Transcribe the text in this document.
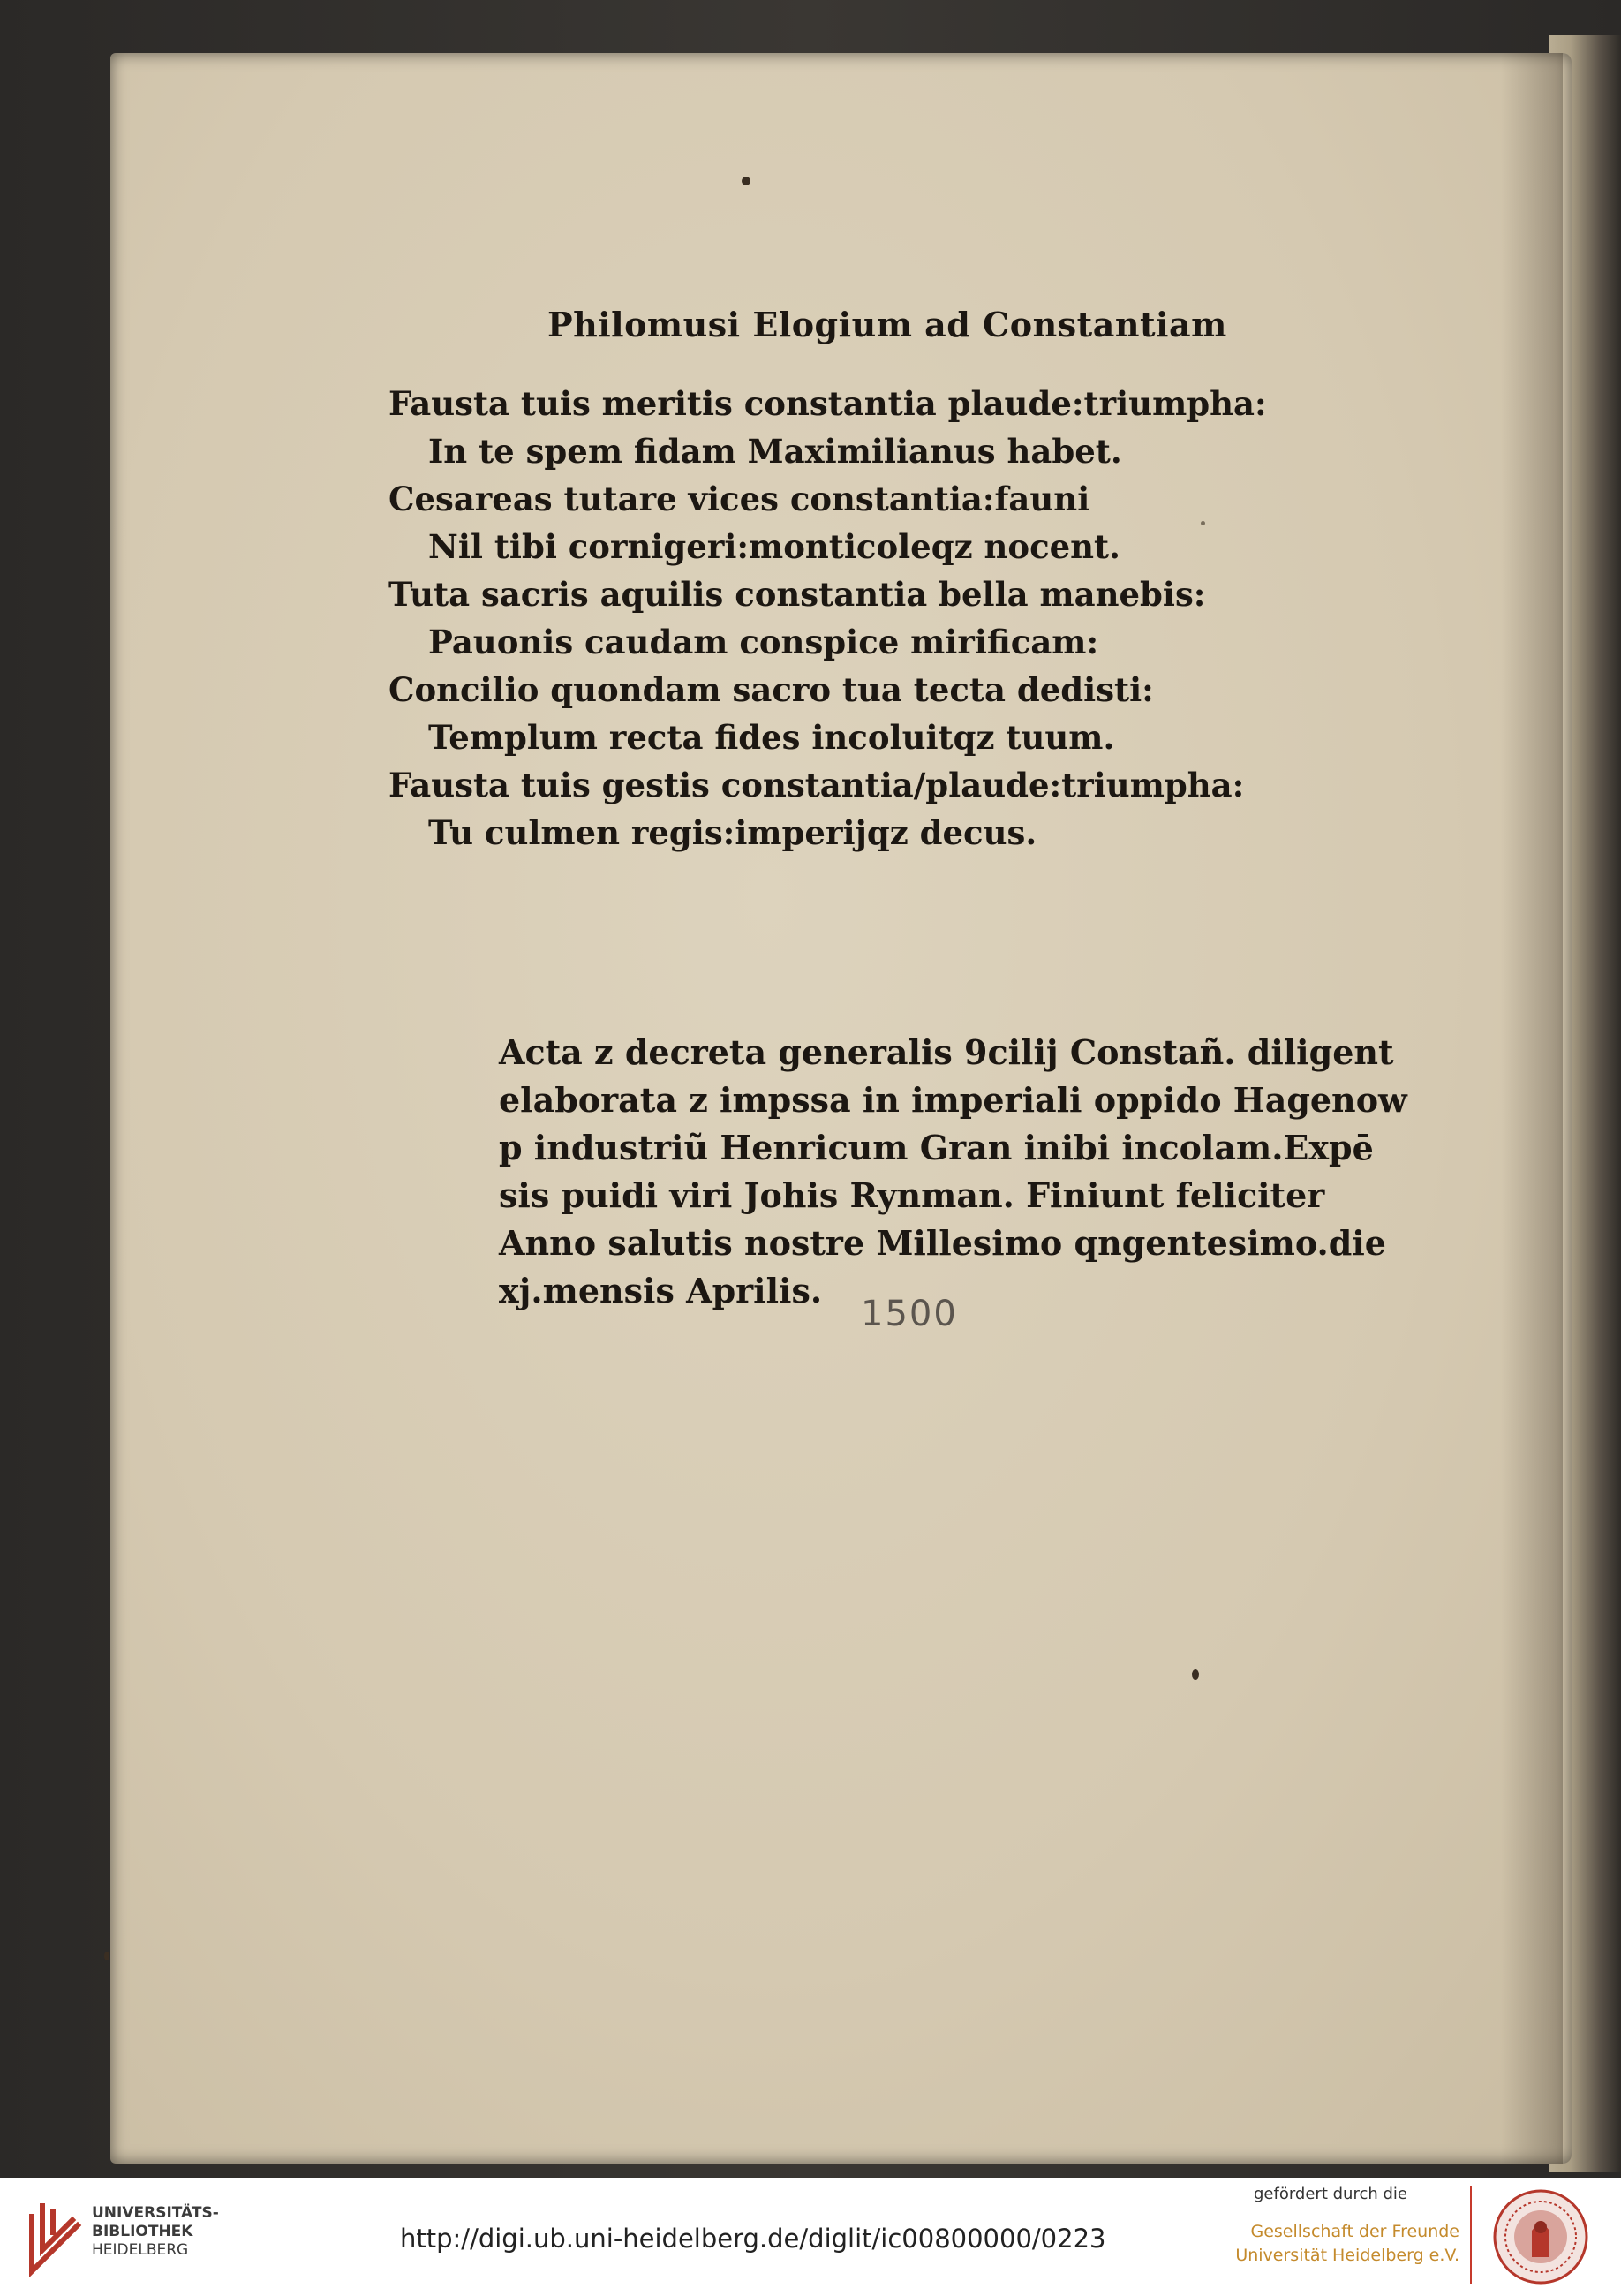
Philomusi Elogium ad Constantiam
Fausta tuis meritis constantia plaude:triumpha:
In te spem fidam Maximilianus habet.
Cesareas tutare vices constantia:fauni
Nil tibi cornigeri:monticoleqz nocent.
Tuta sacris aquilis constantia bella manebis:
Pauonis caudam conspice mirificam:
Concilio quondam sacro tua tecta dedisti:
Templum recta fides incoluitqz tuum.
Fausta tuis gestis constantia/plaude:triumpha:
Tu culmen regis:imperijqz decus.
Acta z decreta generalis 9cilij Constañ. diligent
elaborata z impssa in imperiali oppido Hagenow
p industriũ Henricum Gran inibi incolam.Expē
sis puidi viri Johis Rynman. Finiunt feliciter
Anno salutis nostre Millesimo qngentesimo.die
xj.mensis Aprilis.
1500
UNIVERSITÄTS-
BIBLIOTHEK
HEIDELBERG	http://digi.ub.uni-heidelberg.de/diglit/ic00800000/0223
gefördert durch die
Gesellschaft der Freunde
Universität Heidelberg e.V.
